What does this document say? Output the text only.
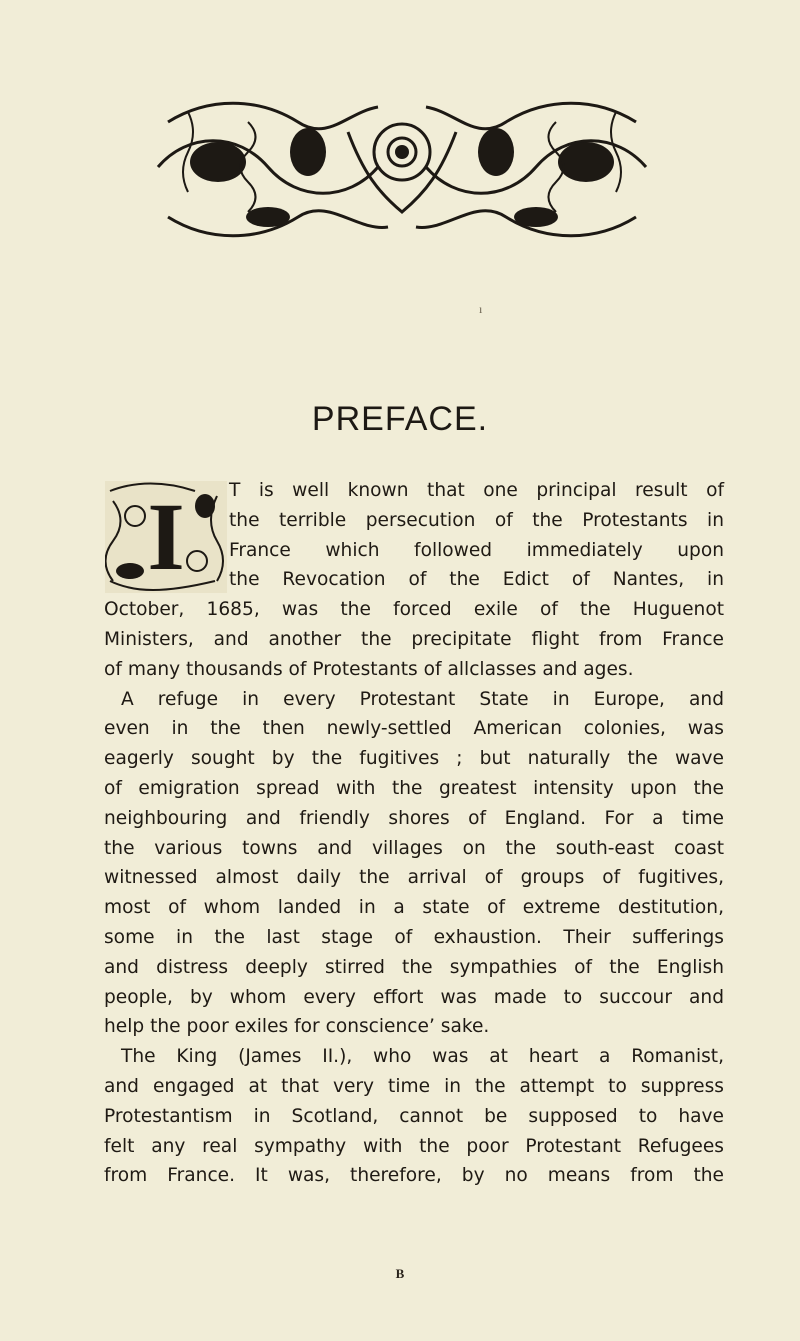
ı
PREFACE.
I	T is well known that one principal result of
the terrible persecution of the Protestants in
France which followed immediately upon
the Revocation of the Edict of Nantes, in
October, 1685, was the forced exile of the Huguenot
Ministers, and another the precipitate flight from France
of many thousands of Protestants of allclasses and ages.
A refuge in every Protestant State in Europe, and
even in the then newly-settled American colonies, was
eagerly sought by the fugitives ; but naturally the wave
of emigration spread with the greatest intensity upon the
neighbouring and friendly shores of England. For a time
the various towns and villages on the south-east coast
witnessed almost daily the arrival of groups of fugitives,
most of whom landed in a state of extreme destitution,
some in the last stage of exhaustion. Their sufferings
and distress deeply stirred the sympathies of the English
people, by whom every effort was made to succour and
help the poor exiles for conscience’ sake.
The King (James II.), who was at heart a Romanist,
and engaged at that very time in the attempt to suppress
Protestantism in Scotland, cannot be supposed to have
felt any real sympathy with the poor Protestant Refugees
from France. It was, therefore, by no means from the
B
